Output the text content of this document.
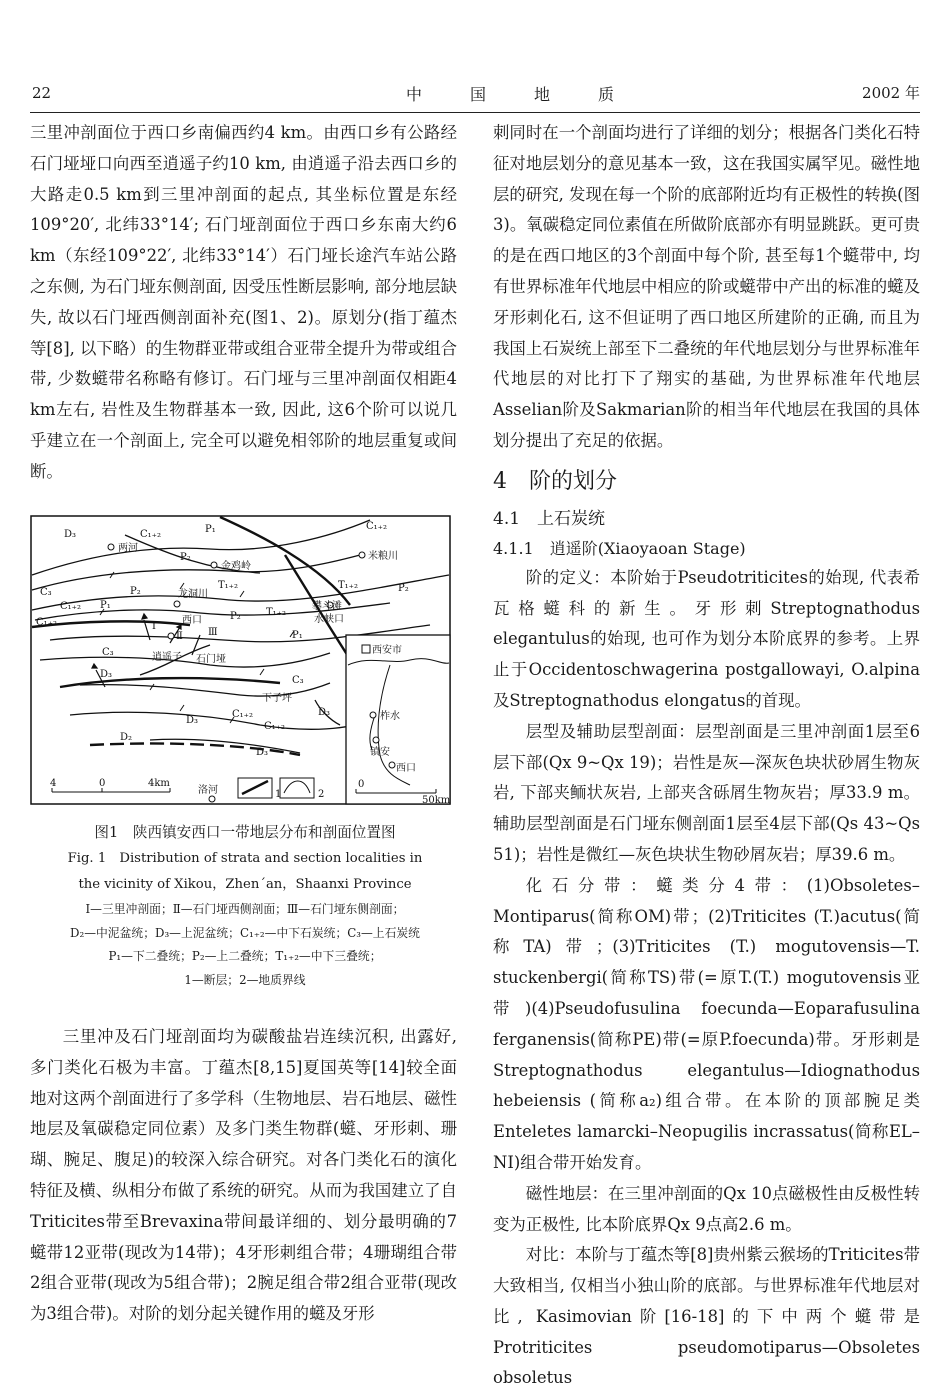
22	中国地质	2002 年

三里冲剖面位于西口乡南偏西约4 km。由西口乡有公路经石门垭垭口向西至逍遥子约10 km, 由逍遥子沿去西口乡的大路走0.5 km到三里冲剖面的起点, 其坐标位置是东经109°20′, 北纬33°14′; 石门垭剖面位于西口乡东南大约6 km（东经109°22′, 北纬33°14′）石门垭长途汽车站公路之东侧, 为石门垭东侧剖面, 因受压性断层影响, 部分地层缺失, 故以石门垭西侧剖面补充(图1、2)。原划分(指丁蕴杰等[8], 以下略）的生物群亚带或组合亚带全提升为带或组合带, 少数䗴带名称略有修订。石门垭与三里冲剖面仅相距4 km左右, 岩性及生物群基本一致, 因此, 这6个阶可以说几乎建立在一个剖面上, 完全可以避免相邻阶的地层重复或间断。

D₃	C₁₊₂	P₁	C₁₊₂
两河
P₂	米粮川
金鸡岭
T₁₊₂
龙洞川
T₁₊₂
P₂	P₂
C₃
P₁
C₁₊₂	攀斗滩
C₁₊₂	西口	水峡口
T₁₊₂
Ⅰ
Ⅱ	Ⅲ
P₂
P₁
C₃	逍遥子 石门垭
D₃
下子坪
C₃
D₃
C₁₊₂
D₃
C₁₊₂
D₂
D₃
洛河
西安市
柞水
镇安
西口
4	0	4km	0
50km
1	2
图1　陕西镇安西口一带地层分布和剖面位置图
Fig. 1　Distribution of strata and section localities in
the vicinity of Xikou，Zhen´an，Shaanxi Province
Ⅰ—三里冲剖面；Ⅱ—石门垭西侧剖面；Ⅲ—石门垭东侧剖面；
D₂—中泥盆统；D₃—上泥盆统；C₁₊₂—中下石炭统；C₃—上石炭统
P₁—下二叠统；P₂—上二叠统；T₁₊₂—中下三叠统；
1—断层；2—地质界线

三里冲及石门垭剖面均为碳酸盐岩连续沉积, 出露好, 多门类化石极为丰富。丁蕴杰[8,15]夏国英等[14]较全面地对这两个剖面进行了多学科（生物地层、岩石地层、磁性地层及氧碳稳定同位素）及多门类生物群(䗴、牙形刺、珊瑚、腕足、腹足)的较深入综合研究。对各门类化石的演化特征及横、纵相分布做了系统的研究。从而为我国建立了自Triticites带至Brevaxina带间最详细的、划分最明确的7䗴带12亚带(现改为14带)；4牙形刺组合带；4珊瑚组合带2组合亚带(现改为5组合带)；2腕足组合带2组合亚带(现改为3组合带)。对阶的划分起关键作用的䗴及牙形

刺同时在一个剖面均进行了详细的划分；根据各门类化石特征对地层划分的意见基本一致，这在我国实属罕见。磁性地层的研究, 发现在每一个阶的底部附近均有正极性的转换(图3)。氧碳稳定同位素值在所做阶底部亦有明显跳跃。更可贵的是在西口地区的3个剖面中每个阶, 甚至每1个䗴带中, 均有世界标准年代地层中相应的阶或䗴带中产出的标准的䗴及牙形刺化石, 这不但证明了西口地区所建阶的正确, 而且为我国上石炭统上部至下二叠统的年代地层划分与世界标准年代地层的对比打下了翔实的基础, 为世界标准年代地层Asselian阶及Sakmarian阶的相当年代地层在我国的具体划分提出了充足的依据。

4　阶的划分
4.1　上石炭统
4.1.1　逍遥阶(Xiaoyaoan Stage)

阶的定义：本阶始于Pseudotriticites的始现, 代表希瓦格䗴科的新生。牙形刺Streptognathodus elegantulus的始现, 也可作为划分本阶底界的参考。上界止于Occidentoschwagerina postgallowayi, O.alpina及Streptognathodus elongatus的首现。

层型及辅助层型剖面：层型剖面是三里冲剖面1层至6层下部(Qx 9~Qx 19)；岩性是灰—深灰色块状砂屑生物灰岩, 下部夹鲕状灰岩, 上部夹含砾屑生物灰岩；厚33.9 m。辅助层型剖面是石门垭东侧剖面1层至4层下部(Qs 43~Qs 51)；岩性是微红—灰色块状生物砂屑灰岩；厚39.6 m。

化石分带：䗴类分4带：(1)Obsoletes–Montiparus(简称OM)带；(2)Triticites (T.)acutus(简称TA)带；(3)Triticites (T.) mogutovensis—T. stuckenbergi(简称TS)带(=原T.(T.) mogutovensis亚带)(4)Pseudofusulina foecunda—Eoparafusulina ferganensis(简称PE)带(=原P.foecunda)带。牙形刺是Streptognathodus elegantulus—Idiognathodus hebeiensis (简称a₂)组合带。在本阶的顶部腕足类Enteletes lamarcki–Neopugilis incrassatus(简称EL–NI)组合带开始发育。

磁性地层：在三里冲剖面的Qx 10点磁极性由反极性转变为正极性, 比本阶底界Qx 9点高2.6 m。

对比：本阶与丁蕴杰等[8]贵州紫云猴场的Triticites带大致相当, 仅相当小独山阶的底部。与世界标准年代地层对比, Kasimovian阶[16-18]的下中两个䗴带是Protriticites pseudomotiparus—Obsoletes obsoletus
